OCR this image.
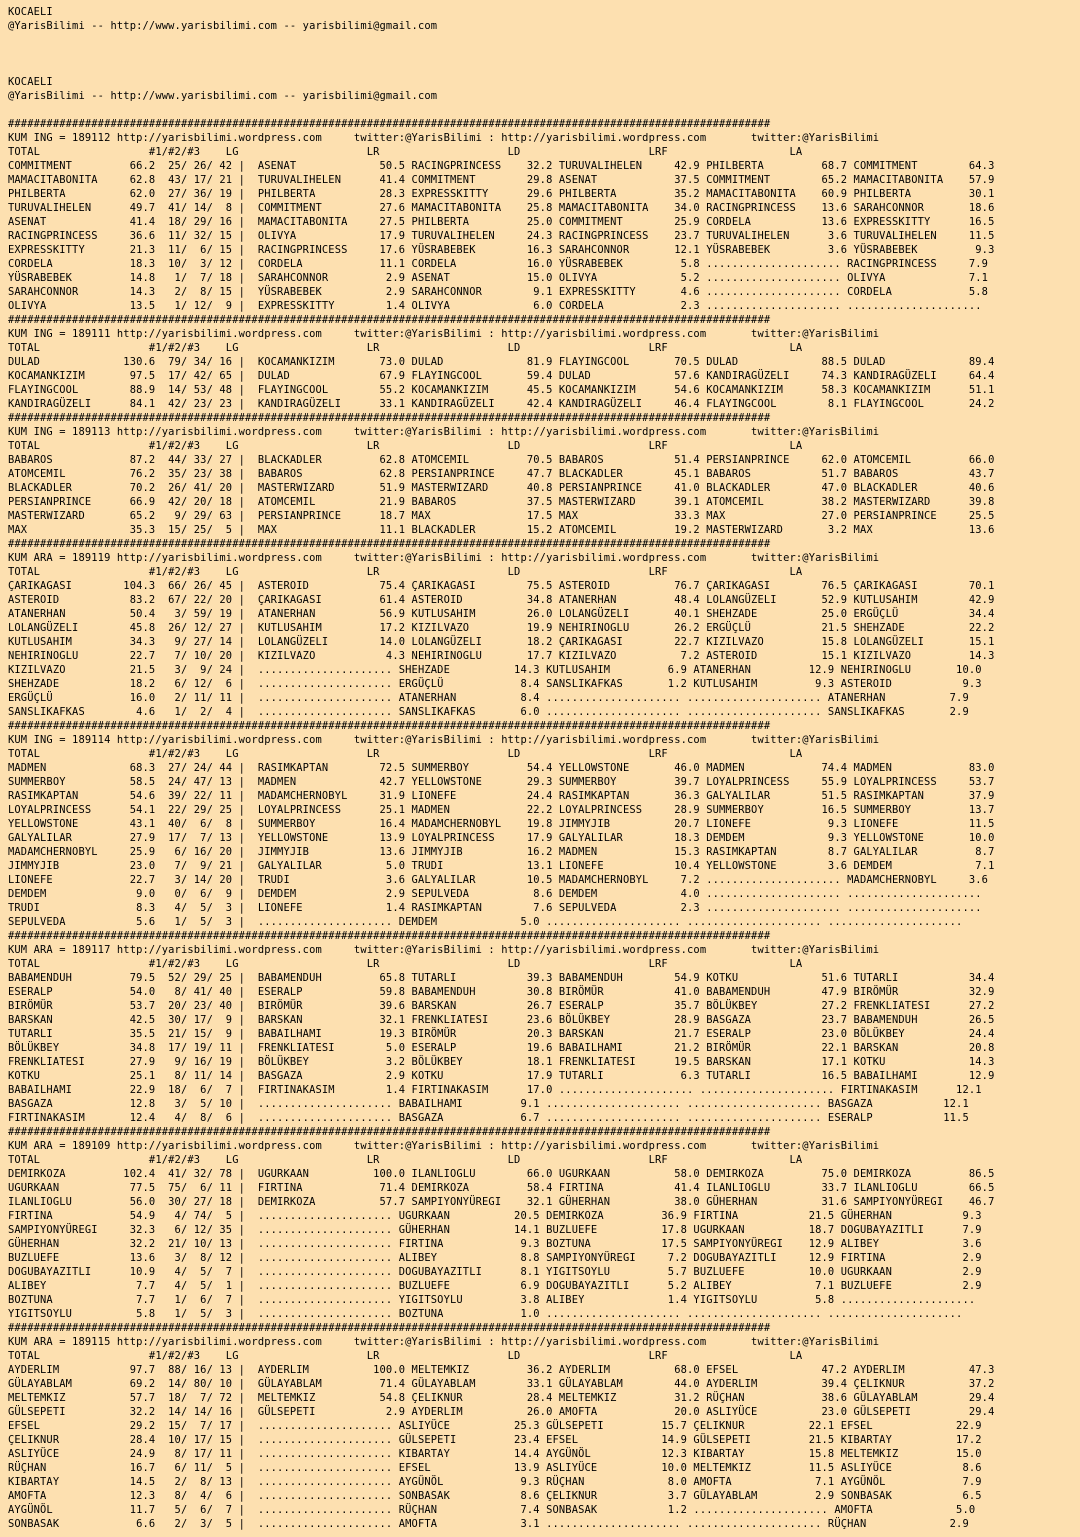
KOCAELI
@YarisBilimi -- http://www.yarisbilimi.com -- yarisbilimi@gmail.com
KOCAELI
@YarisBilimi -- http://www.yarisbilimi.com -- yarisbilimi@gmail.com
#######################################################################################################################
KUM ING = 189112 http://yarisbilimi.wordpress.com     twitter:@YarisBilimi : http://yarisbilimi.wordpress.com       twitter:@YarisBilimi
TOTAL                 #1/#2/#3    LG                    LR                    LD                    LRF                   LA
COMMITMENT         66.2  25/ 26/ 42 |  ASENAT             50.5 RACINGPRINCESS    32.2 TURUVALIHELEN     42.9 PHILBERTA         68.7 COMMITMENT        64.3
MAMACITABONITA     62.8  43/ 17/ 21 |  TURUVALIHELEN      41.4 COMMITMENT        29.8 ASENAT            37.5 COMMITMENT        65.2 MAMACITABONITA    57.9
PHILBERTA          62.0  27/ 36/ 19 |  PHILBERTA          28.3 EXPRESSKITTY      29.6 PHILBERTA         35.2 MAMACITABONITA    60.9 PHILBERTA         30.1
TURUVALIHELEN      49.7  41/ 14/  8 |  COMMITMENT         27.6 MAMACITABONITA    25.8 MAMACITABONITA    34.0 RACINGPRINCESS    13.6 SARAHCONNOR       18.6
ASENAT             41.4  18/ 29/ 16 |  MAMACITABONITA     27.5 PHILBERTA         25.0 COMMITMENT        25.9 CORDELA           13.6 EXPRESSKITTY      16.5
RACINGPRINCESS     36.6  11/ 32/ 15 |  OLIVYA             17.9 TURUVALIHELEN     24.3 RACINGPRINCESS    23.7 TURUVALIHELEN      3.6 TURUVALIHELEN     11.5
EXPRESSKITTY       21.3  11/  6/ 15 |  RACINGPRINCESS     17.6 YÜSRABEBEK        16.3 SARAHCONNOR       12.1 YÜSRABEBEK         3.6 YÜSRABEBEK         9.3
CORDELA            18.3  10/  3/ 12 |  CORDELA            11.1 CORDELA           16.0 YÜSRABEBEK         5.8 ..................... RACINGPRINCESS     7.9
YÜSRABEBEK         14.8   1/  7/ 18 |  SARAHCONNOR         2.9 ASENAT            15.0 OLIVYA             5.2 ..................... OLIVYA             7.1
SARAHCONNOR        14.3   2/  8/ 15 |  YÜSRABEBEK          2.9 SARAHCONNOR        9.1 EXPRESSKITTY       4.6 ..................... CORDELA            5.8
OLIVYA             13.5   1/ 12/  9 |  EXPRESSKITTY        1.4 OLIVYA             6.0 CORDELA            2.3 ..................... .....................
#######################################################################################################################
KUM ING = 189111 http://yarisbilimi.wordpress.com     twitter:@YarisBilimi : http://yarisbilimi.wordpress.com       twitter:@YarisBilimi
TOTAL                 #1/#2/#3    LG                    LR                    LD                    LRF                   LA
DULAD             130.6  79/ 34/ 16 |  KOCAMANKIZIM       73.0 DULAD             81.9 FLAYINGCOOL       70.5 DULAD             88.5 DULAD             89.4
KOCAMANKIZIM       97.5  17/ 42/ 65 |  DULAD              67.9 FLAYINGCOOL       59.4 DULAD             57.6 KANDIRAGÜZELI     74.3 KANDIRAGÜZELI     64.4
FLAYINGCOOL        88.9  14/ 53/ 48 |  FLAYINGCOOL        55.2 KOCAMANKIZIM      45.5 KOCAMANKIZIM      54.6 KOCAMANKIZIM      58.3 KOCAMANKIZIM      51.1
KANDIRAGÜZELI      84.1  42/ 23/ 23 |  KANDIRAGÜZELI      33.1 KANDIRAGÜZELI     42.4 KANDIRAGÜZELI     46.4 FLAYINGCOOL        8.1 FLAYINGCOOL       24.2
#######################################################################################################################
KUM ING = 189113 http://yarisbilimi.wordpress.com     twitter:@YarisBilimi : http://yarisbilimi.wordpress.com       twitter:@YarisBilimi
TOTAL                 #1/#2/#3    LG                    LR                    LD                    LRF                   LA
BABAROS            87.2  44/ 33/ 27 |  BLACKADLER         62.8 ATOMCEMIL         70.5 BABAROS           51.4 PERSIANPRINCE     62.0 ATOMCEMIL         66.0
ATOMCEMIL          76.2  35/ 23/ 38 |  BABAROS            62.8 PERSIANPRINCE     47.7 BLACKADLER        45.1 BABAROS           51.7 BABAROS           43.7
BLACKADLER         70.2  26/ 41/ 20 |  MASTERWIZARD       51.9 MASTERWIZARD      40.8 PERSIANPRINCE     41.0 BLACKADLER        47.0 BLACKADLER        40.6
PERSIANPRINCE      66.9  42/ 20/ 18 |  ATOMCEMIL          21.9 BABAROS           37.5 MASTERWIZARD      39.1 ATOMCEMIL         38.2 MASTERWIZARD      39.8
MASTERWIZARD       65.2   9/ 29/ 63 |  PERSIANPRINCE      18.7 MAX               17.5 MAX               33.3 MAX               27.0 PERSIANPRINCE     25.5
MAX                35.3  15/ 25/  5 |  MAX                11.1 BLACKADLER        15.2 ATOMCEMIL         19.2 MASTERWIZARD       3.2 MAX               13.6
#######################################################################################################################
KUM ARA = 189119 http://yarisbilimi.wordpress.com     twitter:@YarisBilimi : http://yarisbilimi.wordpress.com       twitter:@YarisBilimi
TOTAL                 #1/#2/#3    LG                    LR                    LD                    LRF                   LA
ÇARIKAGASI        104.3  66/ 26/ 45 |  ASTEROID           75.4 ÇARIKAGASI        75.5 ASTEROID          76.7 ÇARIKAGASI        76.5 ÇARIKAGASI        70.1
ASTEROID           83.2  67/ 22/ 20 |  ÇARIKAGASI         61.4 ASTEROID          34.8 ATANERHAN         48.4 LOLANGÜZELI       52.9 KUTLUSAHIM        42.9
ATANERHAN          50.4   3/ 59/ 19 |  ATANERHAN          56.9 KUTLUSAHIM        26.0 LOLANGÜZELI       40.1 SHEHZADE          25.0 ERGÜÇLÜ           34.4
LOLANGÜZELI        45.8  26/ 12/ 27 |  KUTLUSAHIM         17.2 KIZILVAZO         19.9 NEHIRINOGLU       26.2 ERGÜÇLÜ           21.5 SHEHZADE          22.2
KUTLUSAHIM         34.3   9/ 27/ 14 |  LOLANGÜZELI        14.0 LOLANGÜZELI       18.2 ÇARIKAGASI        22.7 KIZILVAZO         15.8 LOLANGÜZELI       15.1
NEHIRINOGLU        22.7   7/ 10/ 20 |  KIZILVAZO           4.3 NEHIRINOGLU       17.7 KIZILVAZO          7.2 ASTEROID          15.1 KIZILVAZO         14.3
KIZILVAZO          21.5   3/  9/ 24 |  ..................... SHEHZADE          14.3 KUTLUSAHIM         6.9 ATANERHAN         12.9 NEHIRINOGLU       10.0
SHEHZADE           18.2   6/ 12/  6 |  ..................... ERGÜÇLÜ            8.4 SANSLIKAFKAS       1.2 KUTLUSAHIM         9.3 ASTEROID           9.3
ERGÜÇLÜ            16.0   2/ 11/ 11 |  ..................... ATANERHAN          8.4 ..................... ..................... ATANERHAN          7.9
SANSLIKAFKAS        4.6   1/  2/  4 |  ..................... SANSLIKAFKAS       6.0 ..................... ..................... SANSLIKAFKAS       2.9
#######################################################################################################################
KUM ING = 189114 http://yarisbilimi.wordpress.com     twitter:@YarisBilimi : http://yarisbilimi.wordpress.com       twitter:@YarisBilimi
TOTAL                 #1/#2/#3    LG                    LR                    LD                    LRF                   LA
MADMEN             68.3  27/ 24/ 44 |  RASIMKAPTAN        72.5 SUMMERBOY         54.4 YELLOWSTONE       46.0 MADMEN            74.4 MADMEN            83.0
SUMMERBOY          58.5  24/ 47/ 13 |  MADMEN             42.7 YELLOWSTONE       29.3 SUMMERBOY         39.7 LOYALPRINCESS     55.9 LOYALPRINCESS     53.7
RASIMKAPTAN        54.6  39/ 22/ 11 |  MADAMCHERNOBYL     31.9 LIONEFE           24.4 RASIMKAPTAN       36.3 GALYALILAR        51.5 RASIMKAPTAN       37.9
LOYALPRINCESS      54.1  22/ 29/ 25 |  LOYALPRINCESS      25.1 MADMEN            22.2 LOYALPRINCESS     28.9 SUMMERBOY         16.5 SUMMERBOY         13.7
YELLOWSTONE        43.1  40/  6/  8 |  SUMMERBOY          16.4 MADAMCHERNOBYL    19.8 JIMMYJIB          20.7 LIONEFE            9.3 LIONEFE           11.5
GALYALILAR         27.9  17/  7/ 13 |  YELLOWSTONE        13.9 LOYALPRINCESS     17.9 GALYALILAR        18.3 DEMDEM             9.3 YELLOWSTONE       10.0
MADAMCHERNOBYL     25.9   6/ 16/ 20 |  JIMMYJIB           13.6 JIMMYJIB          16.2 MADMEN            15.3 RASIMKAPTAN        8.7 GALYALILAR         8.7
JIMMYJIB           23.0   7/  9/ 21 |  GALYALILAR          5.0 TRUDI             13.1 LIONEFE           10.4 YELLOWSTONE        3.6 DEMDEM             7.1
LIONEFE            22.7   3/ 14/ 20 |  TRUDI               3.6 GALYALILAR        10.5 MADAMCHERNOBYL     7.2 ..................... MADAMCHERNOBYL     3.6
DEMDEM              9.0   0/  6/  9 |  DEMDEM              2.9 SEPULVEDA          8.6 DEMDEM             4.0 ..................... .....................
TRUDI               8.3   4/  5/  3 |  LIONEFE             1.4 RASIMKAPTAN        7.6 SEPULVEDA          2.3 ..................... .....................
SEPULVEDA           5.6   1/  5/  3 |  ..................... DEMDEM             5.0 ..................... ..................... .....................
#######################################################################################################################
KUM ARA = 189117 http://yarisbilimi.wordpress.com     twitter:@YarisBilimi : http://yarisbilimi.wordpress.com       twitter:@YarisBilimi
TOTAL                 #1/#2/#3    LG                    LR                    LD                    LRF                   LA
BABAMENDUH         79.5  52/ 29/ 25 |  BABAMENDUH         65.8 TUTARLI           39.3 BABAMENDUH        54.9 KOTKU             51.6 TUTARLI           34.4
ESERALP            54.0   8/ 41/ 40 |  ESERALP            59.8 BABAMENDUH        30.8 BIRÖMÜR           41.0 BABAMENDUH        47.9 BIRÖMÜR           32.9
BIRÖMÜR            53.7  20/ 23/ 40 |  BIRÖMÜR            39.6 BARSKAN           26.7 ESERALP           35.7 BÖLÜKBEY          27.2 FRENKLIATESI      27.2
BARSKAN            42.5  30/ 17/  9 |  BARSKAN            32.1 FRENKLIATESI      23.6 BÖLÜKBEY          28.9 BASGAZA           23.7 BABAMENDUH        26.5
TUTARLI            35.5  21/ 15/  9 |  BABAILHAMI         19.3 BIRÖMÜR           20.3 BARSKAN           21.7 ESERALP           23.0 BÖLÜKBEY          24.4
BÖLÜKBEY           34.8  17/ 19/ 11 |  FRENKLIATESI        5.0 ESERALP           19.6 BABAILHAMI        21.2 BIRÖMÜR           22.1 BARSKAN           20.8
FRENKLIATESI       27.9   9/ 16/ 19 |  BÖLÜKBEY            3.2 BÖLÜKBEY          18.1 FRENKLIATESI      19.5 BARSKAN           17.1 KOTKU             14.3
KOTKU              25.1   8/ 11/ 14 |  BASGAZA             2.9 KOTKU             17.9 TUTARLI            6.3 TUTARLI           16.5 BABAILHAMI        12.9
BABAILHAMI         22.9  18/  6/  7 |  FIRTINAKASIM        1.4 FIRTINAKASIM      17.0 ..................... ..................... FIRTINAKASIM      12.1
BASGAZA            12.8   3/  5/ 10 |  ..................... BABAILHAMI         9.1 ..................... ..................... BASGAZA           12.1
FIRTINAKASIM       12.4   4/  8/  6 |  ..................... BASGAZA            6.7 ..................... ..................... ESERALP           11.5
#######################################################################################################################
KUM ARA = 189109 http://yarisbilimi.wordpress.com     twitter:@YarisBilimi : http://yarisbilimi.wordpress.com       twitter:@YarisBilimi
TOTAL                 #1/#2/#3    LG                    LR                    LD                    LRF                   LA
DEMIRKOZA         102.4  41/ 32/ 78 |  UGURKAAN          100.0 ILANLIOGLU        66.0 UGURKAAN          58.0 DEMIRKOZA         75.0 DEMIRKOZA         86.5
UGURKAAN           77.5  75/  6/ 11 |  FIRTINA            71.4 DEMIRKOZA         58.4 FIRTINA           41.4 ILANLIOGLU        33.7 ILANLIOGLU        66.5
ILANLIOGLU         56.0  30/ 27/ 18 |  DEMIRKOZA          57.7 SAMPIYONYÜREGI    32.1 GÜHERHAN          38.0 GÜHERHAN          31.6 SAMPIYONYÜREGI    46.7
FIRTINA            54.9   4/ 74/  5 |  ..................... UGURKAAN          20.5 DEMIRKOZA         36.9 FIRTINA           21.5 GÜHERHAN           9.3
SAMPIYONYÜREGI     32.3   6/ 12/ 35 |  ..................... GÜHERHAN          14.1 BUZLUEFE          17.8 UGURKAAN          18.7 DOGUBAYAZITLI      7.9
GÜHERHAN           32.2  21/ 10/ 13 |  ..................... FIRTINA            9.3 BOZTUNA           17.5 SAMPIYONYÜREGI    12.9 ALIBEY             3.6
BUZLUEFE           13.6   3/  8/ 12 |  ..................... ALIBEY             8.8 SAMPIYONYÜREGI     7.2 DOGUBAYAZITLI     12.9 FIRTINA            2.9
DOGUBAYAZITLI      10.9   4/  5/  7 |  ..................... DOGUBAYAZITLI      8.1 YIGITSOYLU         5.7 BUZLUEFE          10.0 UGURKAAN           2.9
ALIBEY              7.7   4/  5/  1 |  ..................... BUZLUEFE           6.9 DOGUBAYAZITLI      5.2 ALIBEY             7.1 BUZLUEFE           2.9
BOZTUNA             7.7   1/  6/  7 |  ..................... YIGITSOYLU         3.8 ALIBEY             1.4 YIGITSOYLU         5.8 .....................
YIGITSOYLU          5.8   1/  5/  3 |  ..................... BOZTUNA            1.0 ..................... ..................... .....................
#######################################################################################################################
KUM ARA = 189115 http://yarisbilimi.wordpress.com     twitter:@YarisBilimi : http://yarisbilimi.wordpress.com       twitter:@YarisBilimi
TOTAL                 #1/#2/#3    LG                    LR                    LD                    LRF                   LA
AYDERLIM           97.7  88/ 16/ 13 |  AYDERLIM          100.0 MELTEMKIZ         36.2 AYDERLIM          68.0 EFSEL             47.2 AYDERLIM          47.3
GÜLAYABLAM         69.2  14/ 80/ 10 |  GÜLAYABLAM         71.4 GÜLAYABLAM        33.1 GÜLAYABLAM        44.0 AYDERLIM          39.4 ÇELIKNUR          37.2
MELTEMKIZ          57.7  18/  7/ 72 |  MELTEMKIZ          54.8 ÇELIKNUR          28.4 MELTEMKIZ         31.2 RÜÇHAN            38.6 GÜLAYABLAM        29.4
GÜLSEPETI          32.2  14/ 14/ 16 |  GÜLSEPETI           2.9 AYDERLIM          26.0 AMOFTA            20.0 ASLIYÜCE          23.0 GÜLSEPETI         29.4
EFSEL              29.2  15/  7/ 17 |  ..................... ASLIYÜCE          25.3 GÜLSEPETI         15.7 ÇELIKNUR          22.1 EFSEL             22.9
ÇELIKNUR           28.4  10/ 17/ 15 |  ..................... GÜLSEPETI         23.4 EFSEL             14.9 GÜLSEPETI         21.5 KIBARTAY          17.2
ASLIYÜCE           24.9   8/ 17/ 11 |  ..................... KIBARTAY          14.4 AYGÜNÖL           12.3 KIBARTAY          15.8 MELTEMKIZ         15.0
RÜÇHAN             16.7   6/ 11/  5 |  ..................... EFSEL             13.9 ASLIYÜCE          10.0 MELTEMKIZ         11.5 ASLIYÜCE           8.6
KIBARTAY           14.5   2/  8/ 13 |  ..................... AYGÜNÖL            9.3 RÜÇHAN             8.0 AMOFTA             7.1 AYGÜNÖL            7.9
AMOFTA             12.3   8/  4/  6 |  ..................... SONBASAK           8.6 ÇELIKNUR           3.7 GÜLAYABLAM         2.9 SONBASAK           6.5
AYGÜNÖL            11.7   5/  6/  7 |  ..................... RÜÇHAN             7.4 SONBASAK           1.2 ..................... AMOFTA             5.0
SONBASAK            6.6   2/  3/  5 |  ..................... AMOFTA             3.1 ..................... ..................... RÜÇHAN             2.9
